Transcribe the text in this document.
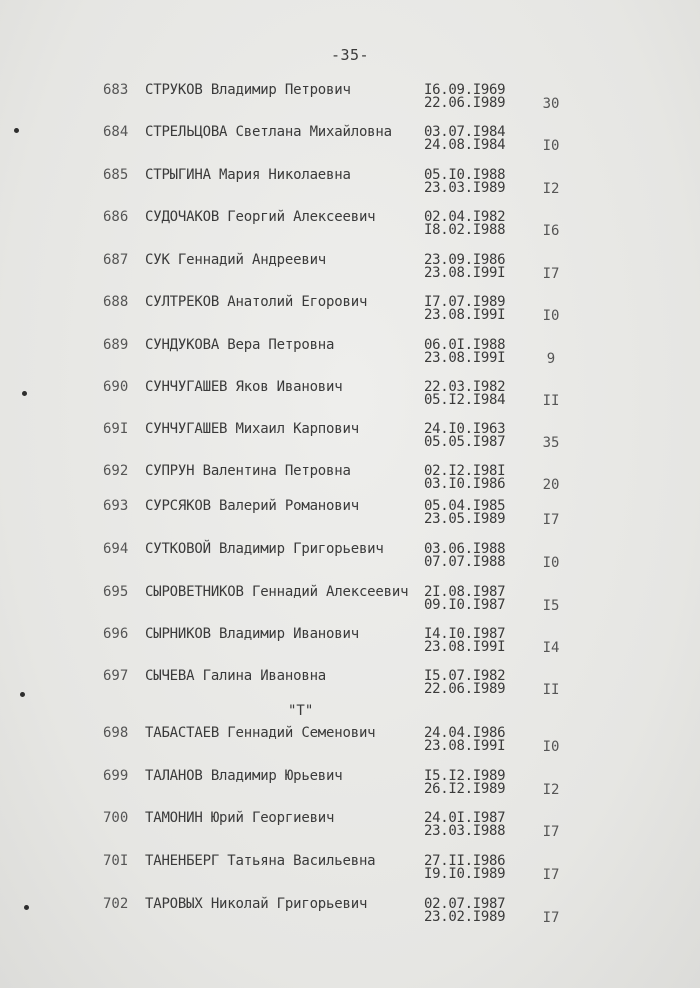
-35-
683 СТРУКОВ Владимир Петрович	I6.09.I969
22.06.I989	30
684 СТРЕЛЬЦОВА Светлана Михайловна 03.07.I984
24.08.I984	I0
685 СТРЫГИНА Мария Николаевна	05.I0.I988
23.03.I989	I2
686 СУДОЧАКОВ Георгий Алексеевич	02.04.I982
I8.02.I988	I6
687 СУК Геннадий Андреевич	23.09.I986
23.08.I99I	I7
688 СУЛТРЕКОВ Анатолий Егорович	I7.07.I989
23.08.I99I	I0
689 СУНДУКОВА Вера Петровна	06.0I.I988
23.08.I99I	9
690 СУНЧУГАШЕВ Яков Иванович	22.03.I982
05.I2.I984	II
69I СУНЧУГАШЕВ Михаил Карпович	24.I0.I963
05.05.I987	35
692 СУПРУН Валентина Петровна	02.I2.I98I
03.I0.I986	20
693 СУРСЯКОВ Валерий Романович	05.04.I985
23.05.I989	I7
694 СУТКОВОЙ Владимир Григорьевич	03.06.I988
07.07.I988	I0
695 СЫРОВЕТНИКОВ Геннадий Алексеевич 2I.08.I987
09.I0.I987	I5
696 СЫРНИКОВ Владимир Иванович	I4.I0.I987
23.08.I99I	I4
697 СЫЧЕВА Галина Ивановна	I5.07.I982
22.06.I989	II
"Т"
698 ТАБАСТАЕВ Геннадий Семенович	24.04.I986
23.08.I99I	I0
699 ТАЛАНОВ Владимир Юрьевич	I5.I2.I989
26.I2.I989	I2
700 ТАМОНИН Юрий Георгиевич	24.0I.I987
23.03.I988	I7
70I ТАНЕНБЕРГ Татьяна Васильевна	27.II.I986
I9.I0.I989	I7
702 ТАРОВЫХ Николай Григорьевич	02.07.I987
23.02.I989	I7
